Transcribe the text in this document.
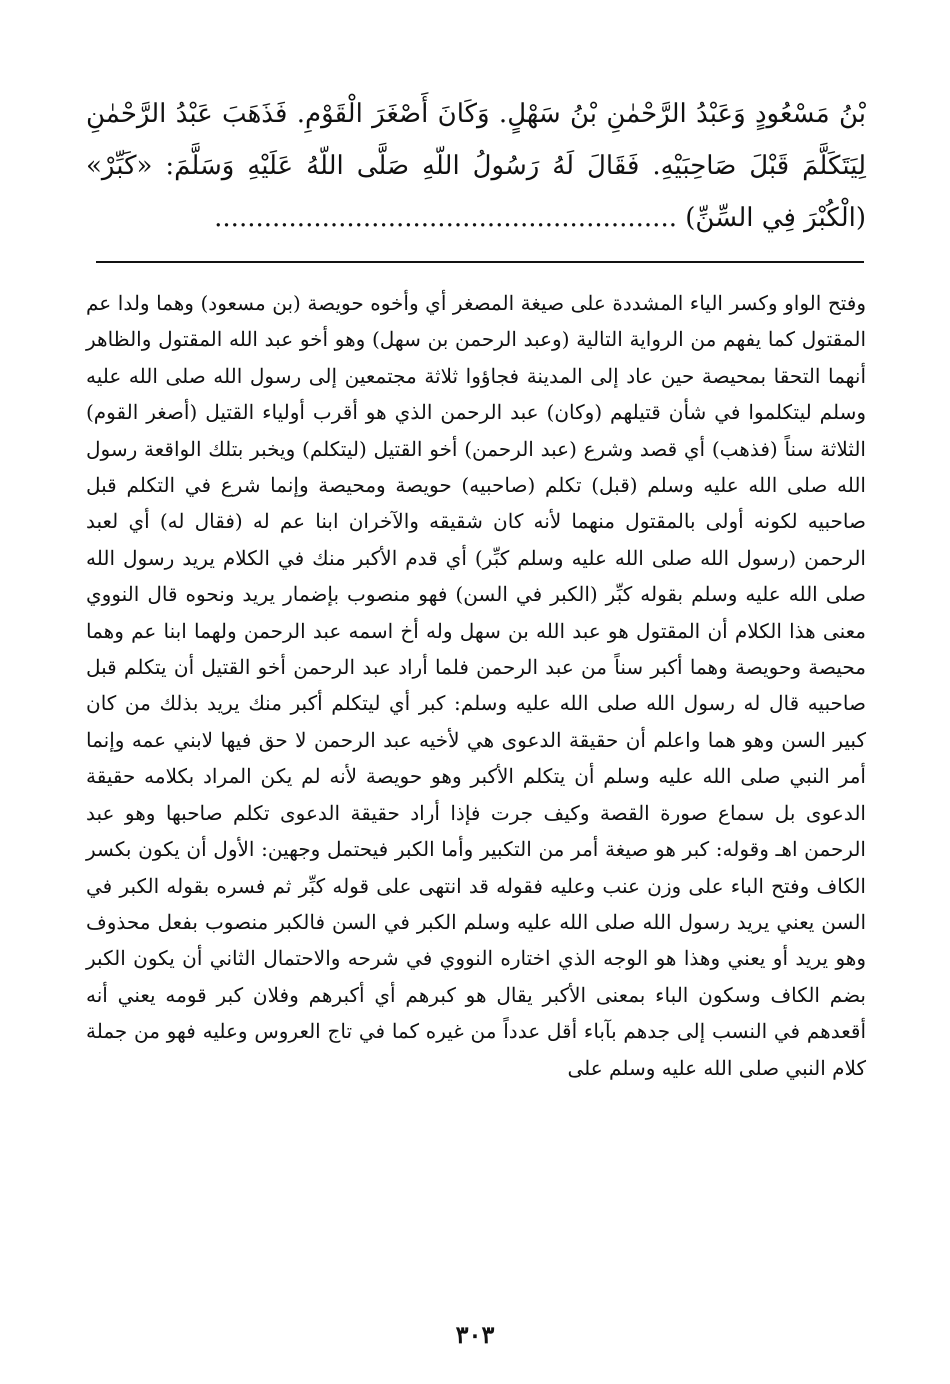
بْنُ مَسْعُودٍ وَعَبْدُ الرَّحْمٰنِ بْنُ سَهْلٍ. وَكَانَ أَصْغَرَ الْقَوْمِ. فَذَهَبَ عَبْدُ الرَّحْمٰنِ لِيَتَكَلَّمَ قَبْلَ صَاحِبَيْهِ. فَقَالَ لَهُ رَسُولُ اللّهِ صَلَّى اللّهُ عَلَيْهِ وَسَلَّمَ: «كَبِّرْ» (الْكُبْرَ فِي السِّنِّ) ........................................................
وفتح الواو وكسر الياء المشددة على صيغة المصغر أي وأخوه حويصة (بن مسعود) وهما ولدا عم المقتول كما يفهم من الرواية التالية (وعبد الرحمن بن سهل) وهو أخو عبد الله المقتول والظاهر أنهما التحقا بمحيصة حين عاد إلى المدينة فجاؤوا ثلاثة مجتمعين إلى رسول الله صلى الله عليه وسلم ليتكلموا في شأن قتيلهم (وكان) عبد الرحمن الذي هو أقرب أولياء القتيل (أصغر القوم) الثلاثة سناً (فذهب) أي قصد وشرع (عبد الرحمن) أخو القتيل (ليتكلم) ويخبر بتلك الواقعة رسول الله صلى الله عليه وسلم (قبل) تكلم (صاحبيه) حويصة ومحيصة وإنما شرع في التكلم قبل صاحبيه لكونه أولى بالمقتول منهما لأنه كان شقيقه والآخران ابنا عم له (فقال له) أي لعبد الرحمن (رسول الله صلى الله عليه وسلم كبِّر) أي قدم الأكبر منك في الكلام يريد رسول الله صلى الله عليه وسلم بقوله كبِّر (الكبر في السن) فهو منصوب بإضمار يريد ونحوه قال النووي معنى هذا الكلام أن المقتول هو عبد الله بن سهل وله أخ اسمه عبد الرحمن ولهما ابنا عم وهما محيصة وحويصة وهما أكبر سناً من عبد الرحمن فلما أراد عبد الرحمن أخو القتيل أن يتكلم قبل صاحبيه قال له رسول الله صلى الله عليه وسلم: كبر أي ليتكلم أكبر منك يريد بذلك من كان كبير السن وهو هما واعلم أن حقيقة الدعوى هي لأخيه عبد الرحمن لا حق فيها لابني عمه وإنما أمر النبي صلى الله عليه وسلم أن يتكلم الأكبر وهو حويصة لأنه لم يكن المراد بكلامه حقيقة الدعوى بل سماع صورة القصة وكيف جرت فإذا أراد حقيقة الدعوى تكلم صاحبها وهو عبد الرحمن اهـ وقوله: كبر هو صيغة أمر من التكبير وأما الكبر فيحتمل وجهين: الأول أن يكون بكسر الكاف وفتح الباء على وزن عنب وعليه فقوله قد انتهى على قوله كبِّر ثم فسره بقوله الكبر في السن يعني يريد رسول الله صلى الله عليه وسلم الكبر في السن فالكبر منصوب بفعل محذوف وهو يريد أو يعني وهذا هو الوجه الذي اختاره النووي في شرحه والاحتمال الثاني أن يكون الكبر بضم الكاف وسكون الباء بمعنى الأكبر يقال هو كبرهم أي أكبرهم وفلان كبر قومه يعني أنه أقعدهم في النسب إلى جدهم بآباء أقل عدداً من غيره كما في تاج العروس وعليه فهو من جملة كلام النبي صلى الله عليه وسلم على
٣٠٣
